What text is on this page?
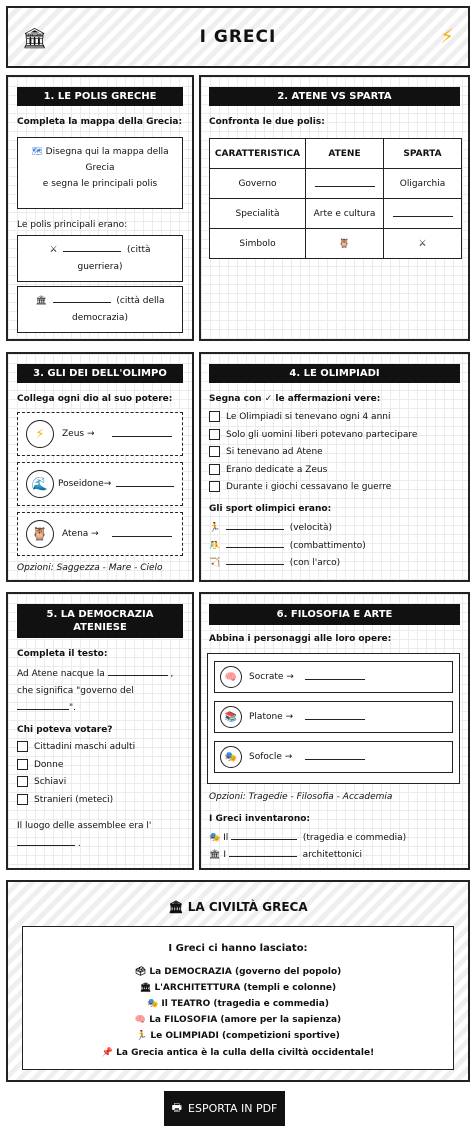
🏛	I GRECI	⚡
1. LE POLIS GRECHE
Completa la mappa della Grecia:
🗺 Disegna qui la mappa della
Grecia
e segna le principali polis
Le polis principali erano:
⚔	(città
guerriera)
🏛	(città della
democrazia)
2. ATENE VS SPARTA
Confronta le due polis:
CARATTERISTICA	ATENE	SPARTA
Governo		Oligarchia
Specialità	Arte e cultura	
Simbolo	🦉	⚔
3. GLI DEI DELL'OLIMPO
Collega ogni dio al suo potere:
⚡	Zeus →
🌊	Poseidone→
🦉	Atena →
Opzioni: Saggezza - Mare - Cielo
4. LE OLIMPIADI
Segna con ✓ le affermazioni vere:
Le Olimpiadi si tenevano ogni 4 anni
Solo gli uomini liberi potevano partecipare
Si tenevano ad Atene
Erano dedicate a Zeus
Durante i giochi cessavano le guerre
Gli sport olimpici erano:
🏃	(velocità)
🤼	(combattimento)
🏹	(con l'arco)
5. LA DEMOCRAZIA
ATENIESE
Completa il testo:
Ad Atene nacque la	,
che significa "governo del
".
Chi poteva votare?
Cittadini maschi adulti
Donne
Schiavi
Stranieri (meteci)
Il luogo delle assemblee era l'
.
6. FILOSOFIA E ARTE
Abbina i personaggi alle loro opere:
🧠	Socrate →
📚	Platone →
🎭	Sofocle →
Opzioni: Tragedie - Filosofia - Accademia
I Greci inventarono:
🎭 Il	(tragedia e commedia)
🏛 I	architettonici
🏛 LA CIVILTÀ GRECA
I Greci ci hanno lasciato:
🗳 La DEMOCRAZIA (governo del popolo)
🏛 L'ARCHITETTURA (templi e colonne)
🎭 Il TEATRO (tragedia e commedia)
🧠 La FILOSOFIA (amore per la sapienza)
🏃 Le OLIMPIADI (competizioni sportive)
📌 La Grecia antica è la culla della civiltà occidentale!
🖶 ESPORTA IN PDF
